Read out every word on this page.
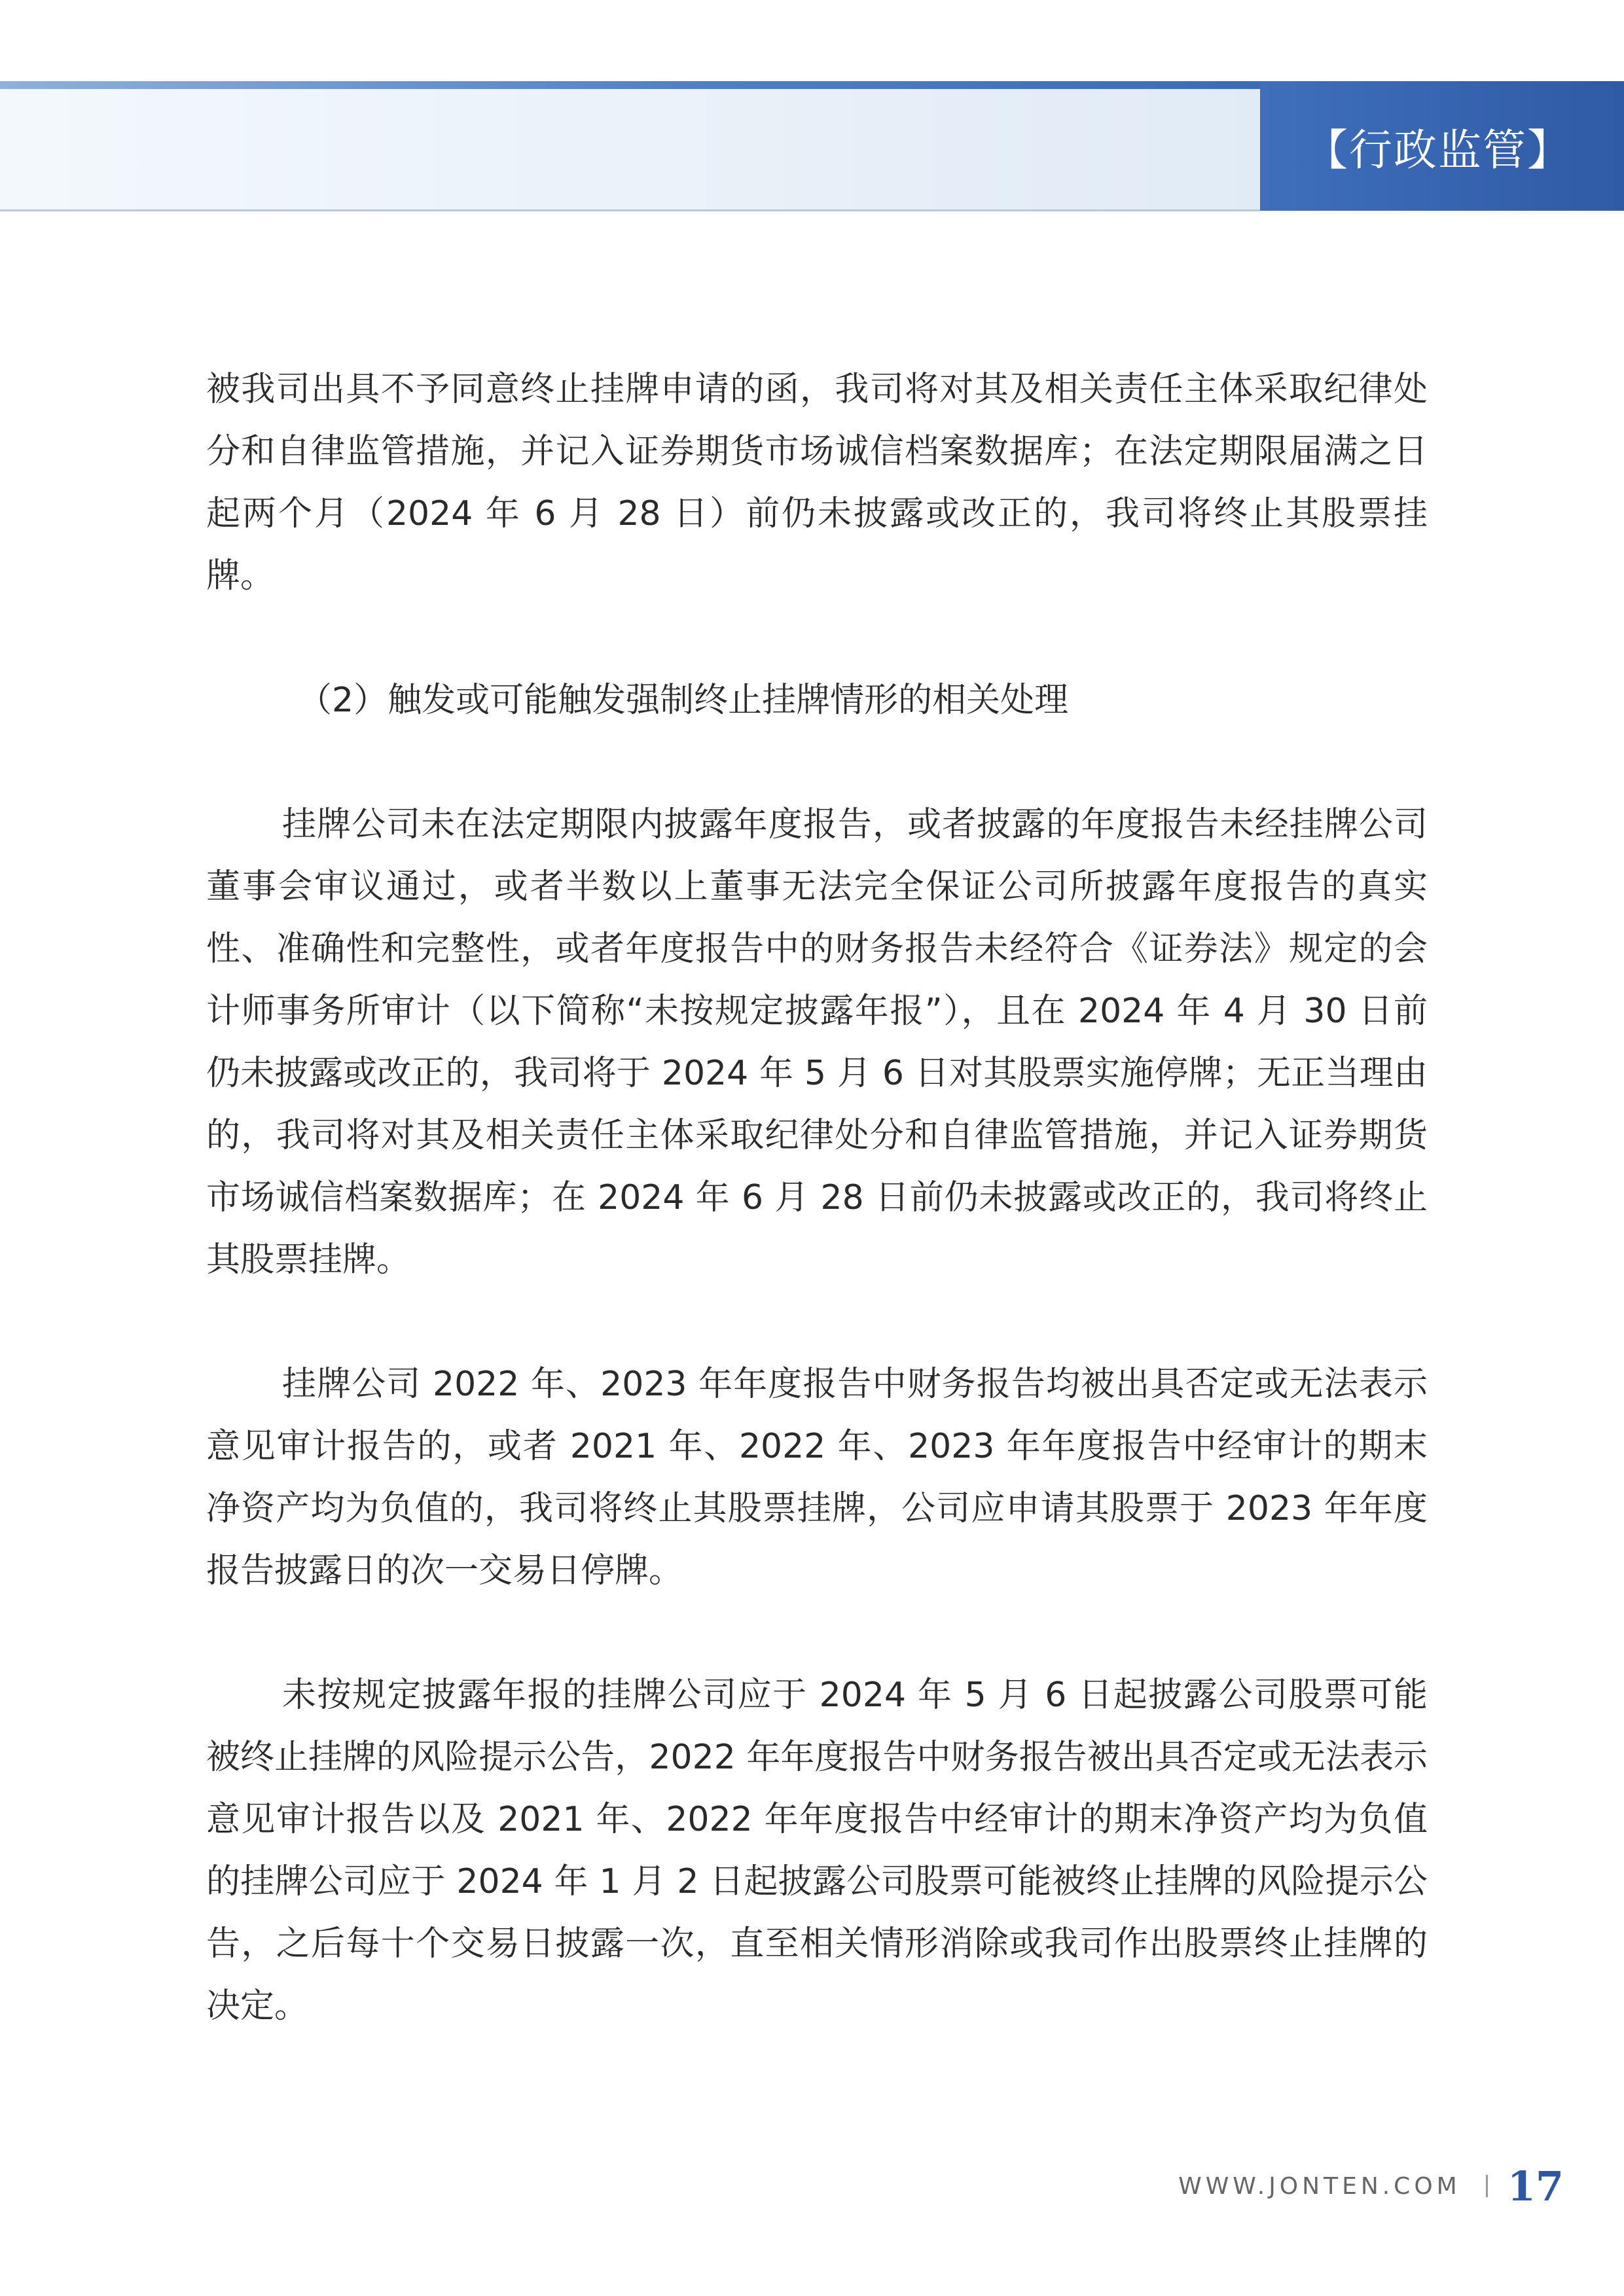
【行政监管】

被我司出具不予同意终止挂牌申请的函，我司将对其及相关责任主体采取纪律处分和自律监管措施，并记入证券期货市场诚信档案数据库；在法定期限届满之日起两个月（2024 年 6 月 28 日）前仍未披露或改正的，我司将终止其股票挂牌。

（2）触发或可能触发强制终止挂牌情形的相关处理

挂牌公司未在法定期限内披露年度报告，或者披露的年度报告未经挂牌公司董事会审议通过，或者半数以上董事无法完全保证公司所披露年度报告的真实性、准确性和完整性，或者年度报告中的财务报告未经符合《证券法》规定的会计师事务所审计（以下简称“未按规定披露年报”），且在 2024 年 4 月 30 日前仍未披露或改正的，我司将于 2024 年 5 月 6 日对其股票实施停牌；无正当理由的，我司将对其及相关责任主体采取纪律处分和自律监管措施，并记入证券期货市场诚信档案数据库；在 2024 年 6 月 28 日前仍未披露或改正的，我司将终止其股票挂牌。

挂牌公司 2022 年、2023 年年度报告中财务报告均被出具否定或无法表示意见审计报告的，或者 2021 年、2022 年、2023 年年度报告中经审计的期末净资产均为负值的，我司将终止其股票挂牌，公司应申请其股票于 2023 年年度报告披露日的次一交易日停牌。

未按规定披露年报的挂牌公司应于 2024 年 5 月 6 日起披露公司股票可能被终止挂牌的风险提示公告，2022 年年度报告中财务报告被出具否定或无法表示意见审计报告以及 2021 年、2022 年年度报告中经审计的期末净资产均为负值的挂牌公司应于 2024 年 1 月 2 日起披露公司股票可能被终止挂牌的风险提示公告，之后每十个交易日披露一次，直至相关情形消除或我司作出股票终止挂牌的决定。

WWW.JONTEN.COM 17
